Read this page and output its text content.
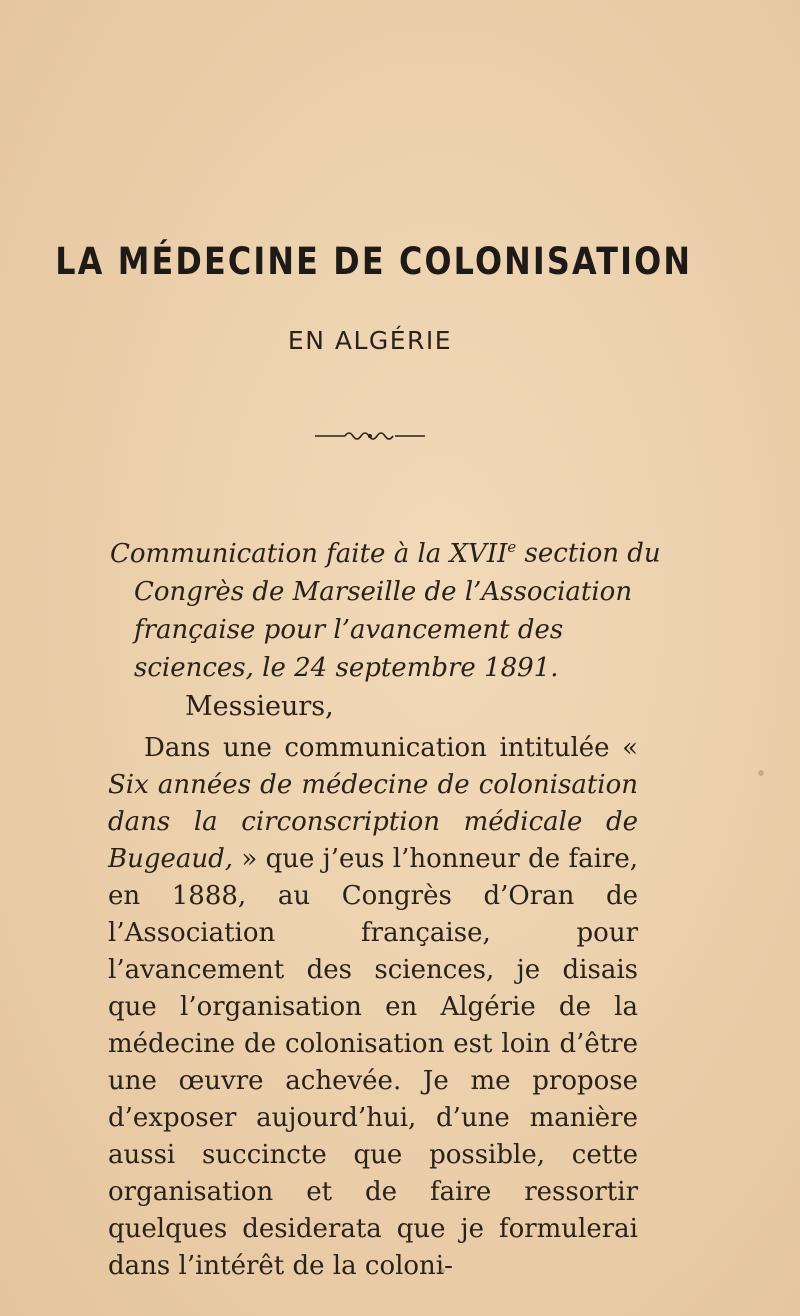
LA MÉDECINE DE COLONISATION
EN ALGÉRIE

Communication faite à la XVIIe section du Congrès de Marseille de l’Association française pour l’avancement des sciences, le 24 septembre 1891.

Messieurs,

Dans une communication intitulée « Six années de médecine de colonisation dans la circonscription médicale de Bugeaud, » que j’eus l’honneur de faire, en 1888, au Congrès d’Oran de l’Association française, pour l’avancement des sciences, je disais que l’organisation en Algérie de la médecine de colonisation est loin d’être une œuvre achevée. Je me propose d’exposer aujourd’hui, d’une manière aussi succincte que possible, cette organisation et de faire ressortir quelques desiderata que je formulerai dans l’intérêt de la coloni-
